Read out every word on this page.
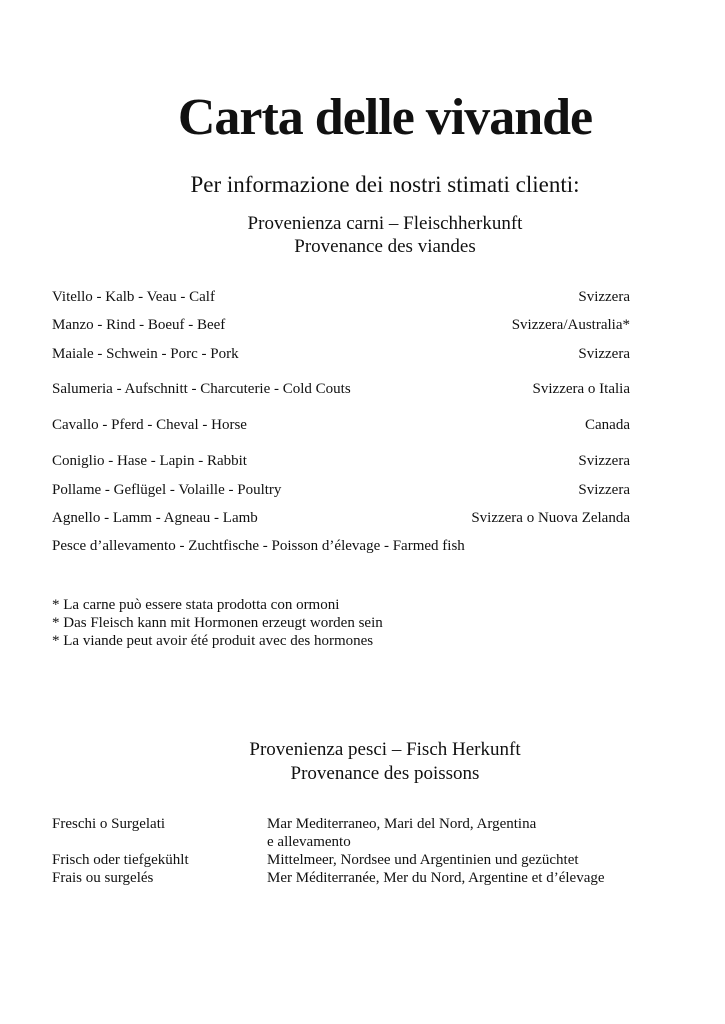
Carta delle vivande
Per informazione dei nostri stimati clienti:
Provenienza carni – Fleischherkunft
Provenance des viandes
Vitello - Kalb - Veau - Calf	Svizzera
Manzo - Rind - Boeuf - Beef	Svizzera/Australia*
Maiale - Schwein - Porc - Pork	Svizzera
Salumeria - Aufschnitt - Charcuterie - Cold Couts	Svizzera o Italia
Cavallo - Pferd - Cheval - Horse	Canada
Coniglio - Hase - Lapin - Rabbit	Svizzera
Pollame - Geflügel - Volaille - Poultry	Svizzera
Agnello - Lamm - Agneau - Lamb	Svizzera o Nuova Zelanda
Pesce d’allevamento - Zuchtfische - Poisson d’élevage - Farmed fish
* La carne può essere stata prodotta con ormoni
* Das Fleisch kann mit Hormonen erzeugt worden sein
* La viande peut avoir été produit avec des hormones
Provenienza pesci – Fisch Herkunft
Provenance des poissons
Freschi o Surgelati	Mar Mediterraneo, Mari del Nord, Argentina
e allevamento
Frisch oder tiefgekühlt	Mittelmeer, Nordsee und Argentinien und gezüchtet
Frais ou surgelés	Mer Méditerranée, Mer du Nord, Argentine et d’élevage
